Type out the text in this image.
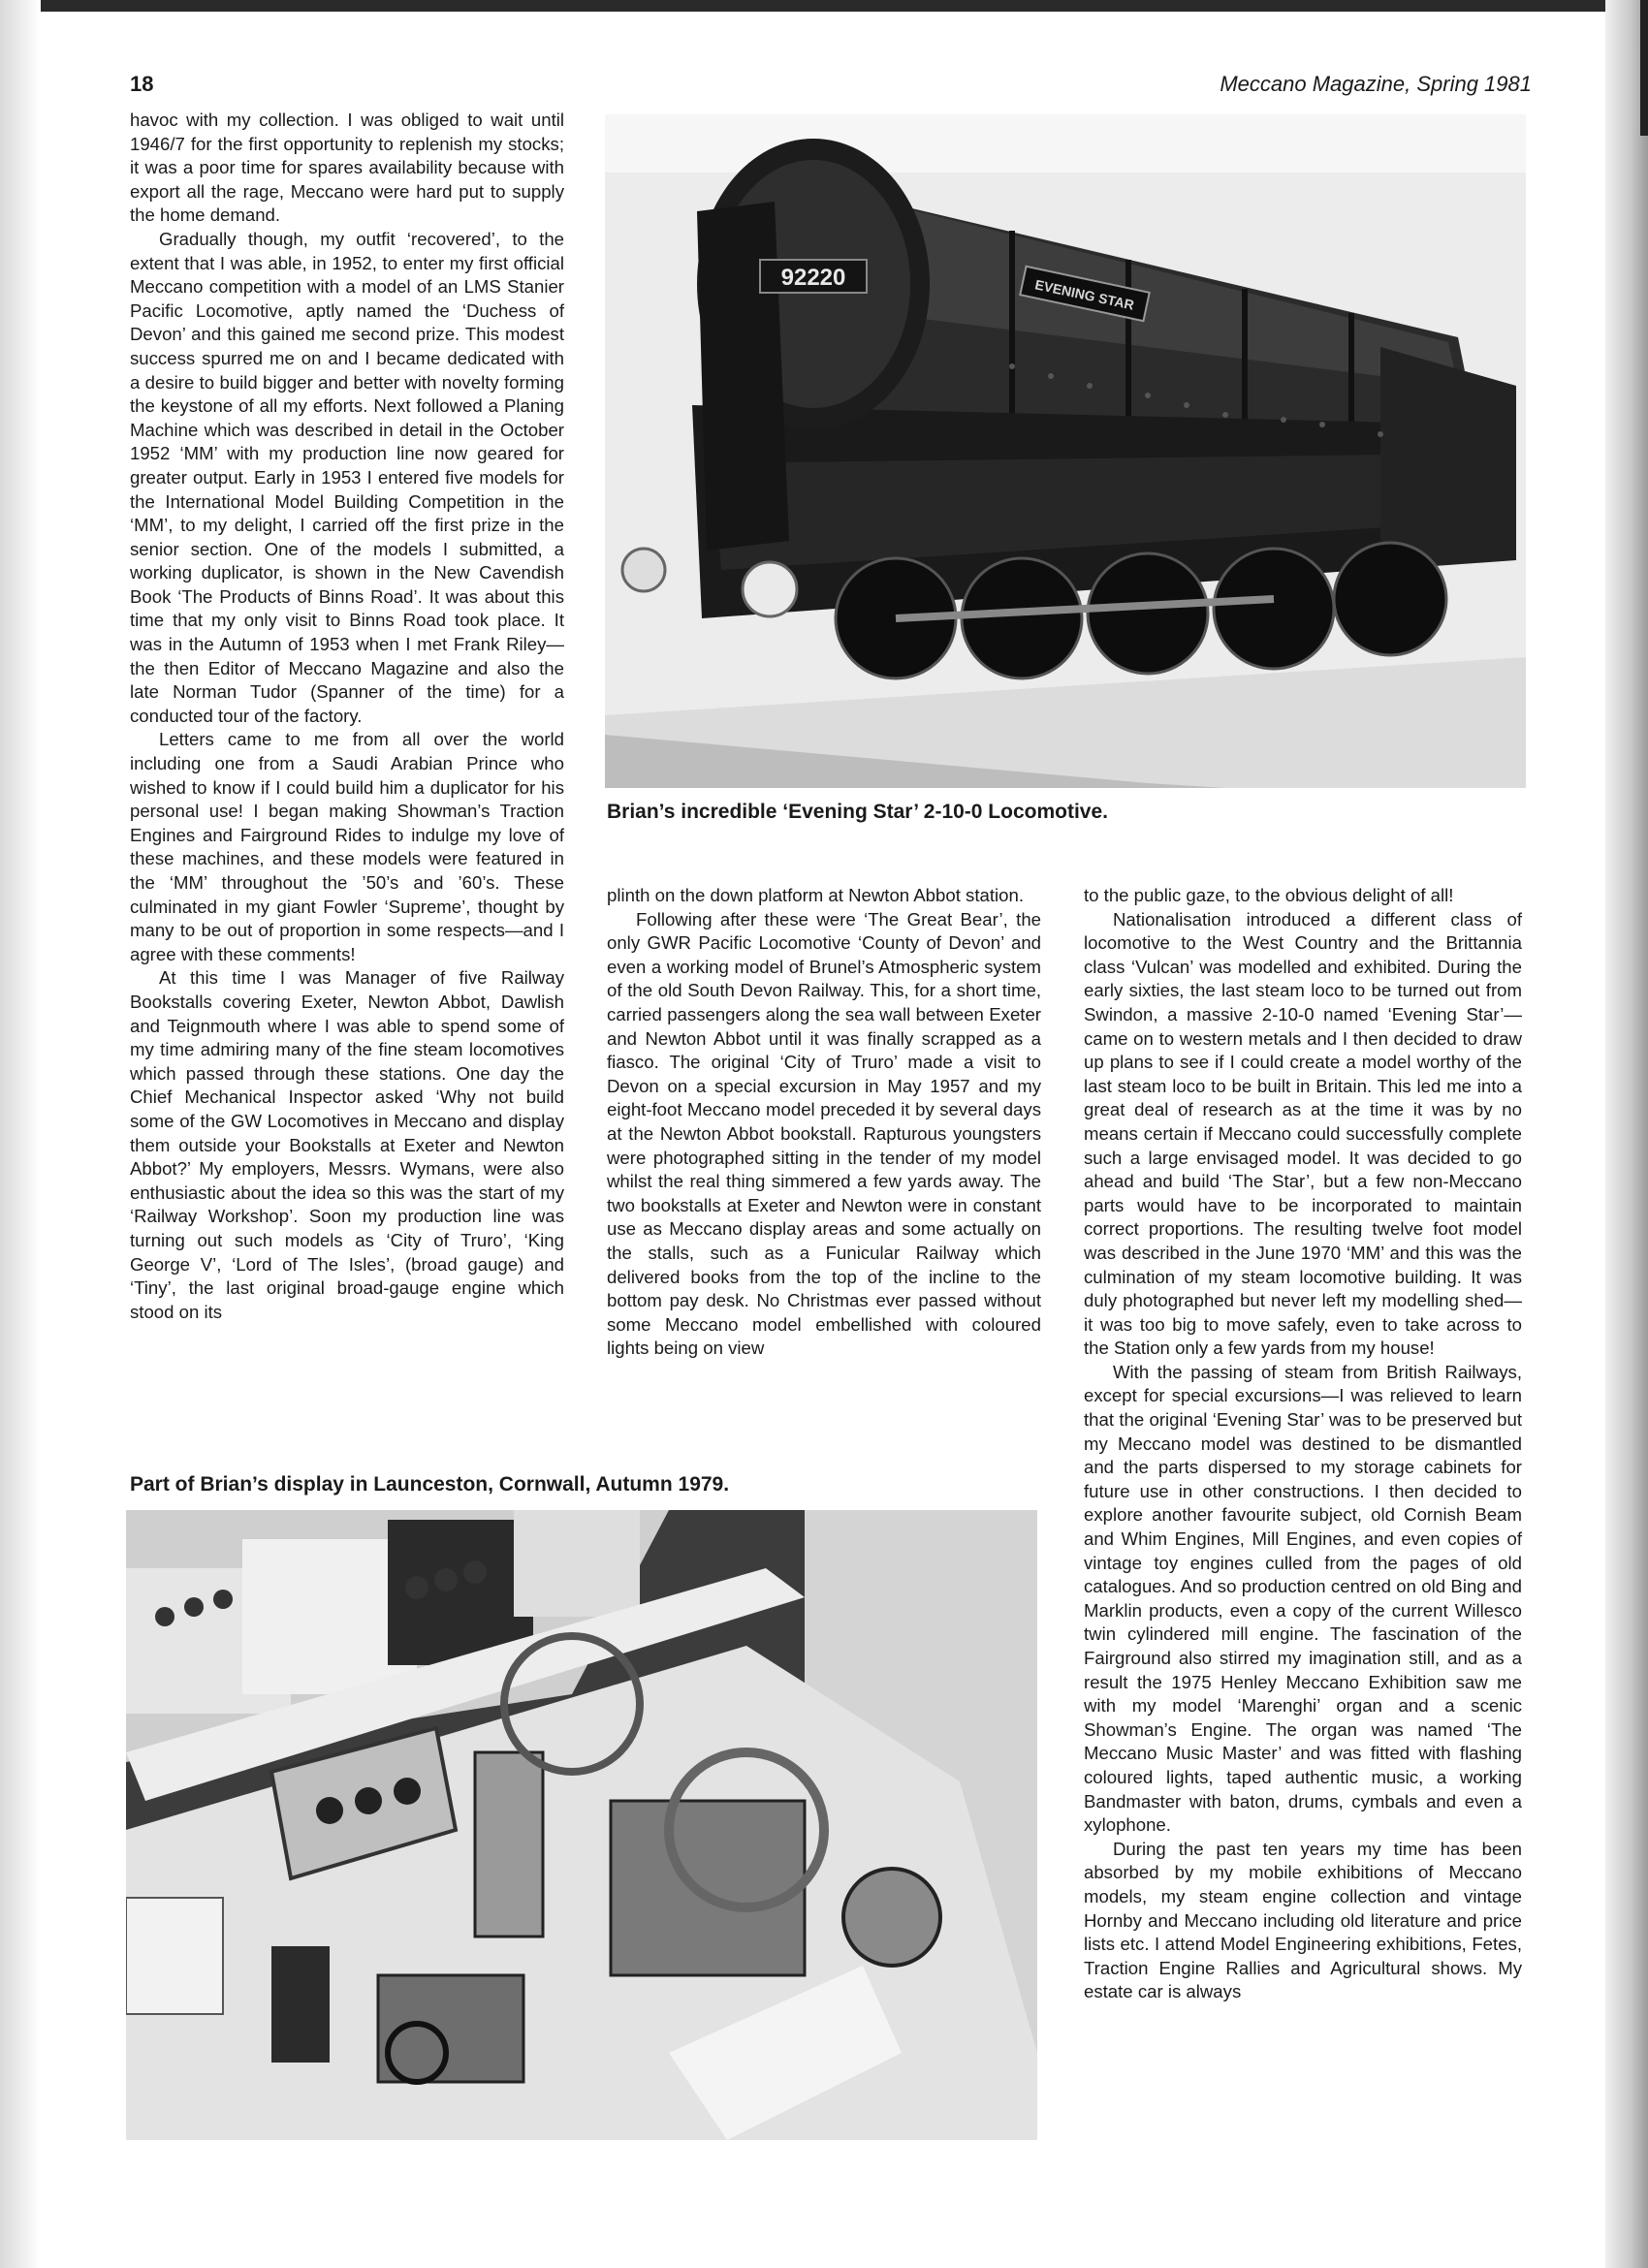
18	Meccano Magazine, Spring 1981

havoc with my collection. I was obliged to wait until 1946/7 for the first opportunity to replenish my stocks; it was a poor time for spares availability because with export all the rage, Meccano were hard put to supply the home demand.

Gradually though, my outfit ‘recovered’, to the extent that I was able, in 1952, to enter my first official Meccano competition with a model of an LMS Stanier Pacific Locomotive, aptly named the ‘Duchess of Devon’ and this gained me second prize. This modest success spurred me on and I became dedicated with a desire to build bigger and better with novelty forming the keystone of all my efforts. Next followed a Planing Machine which was described in detail in the October 1952 ‘MM’ with my production line now geared for greater output. Early in 1953 I entered five models for the International Model Building Competition in the ‘MM’, to my delight, I carried off the first prize in the senior section. One of the models I submitted, a working duplicator, is shown in the New Cavendish Book ‘The Products of Binns Road’. It was about this time that my only visit to Binns Road took place. It was in the Autumn of 1953 when I met Frank Riley—the then Editor of Meccano Magazine and also the late Norman Tudor (Spanner of the time) for a conducted tour of the factory.

Letters came to me from all over the world including one from a Saudi Arabian Prince who wished to know if I could build him a duplicator for his personal use! I began making Showman’s Traction Engines and Fairground Rides to indulge my love of these machines, and these models were featured in the ‘MM’ throughout the ’50’s and ’60’s. These culminated in my giant Fowler ‘Supreme’, thought by many to be out of proportion in some respects—and I agree with these comments!

At this time I was Manager of five Railway Bookstalls covering Exeter, Newton Abbot, Dawlish and Teignmouth where I was able to spend some of my time admiring many of the fine steam locomotives which passed through these stations. One day the Chief Mechanical Inspector asked ‘Why not build some of the GW Locomotives in Meccano and display them outside your Bookstalls at Exeter and Newton Abbot?’ My employers, Messrs. Wymans, were also enthusiastic about the idea so this was the start of my ‘Railway Workshop’. Soon my production line was turning out such models as ‘City of Truro’, ‘King George V’, ‘Lord of The Isles’, (broad gauge) and ‘Tiny’, the last original broad-gauge engine which stood on its

92220	EVENING STAR
Brian’s incredible ‘Evening Star’ 2-10-0 Locomotive.

plinth on the down platform at Newton Abbot station.

Following after these were ‘The Great Bear’, the only GWR Pacific Locomotive ‘County of Devon’ and even a working model of Brunel’s Atmospheric system of the old South Devon Railway. This, for a short time, carried passengers along the sea wall between Exeter and Newton Abbot until it was finally scrapped as a fiasco. The original ‘City of Truro’ made a visit to Devon on a special excursion in May 1957 and my eight-foot Meccano model preceded it by several days at the Newton Abbot bookstall. Rapturous youngsters were photographed sitting in the tender of my model whilst the real thing simmered a few yards away. The two bookstalls at Exeter and Newton were in constant use as Meccano display areas and some actually on the stalls, such as a Funicular Railway which delivered books from the top of the incline to the bottom pay desk. No Christmas ever passed without some Meccano model embellished with coloured lights being on view

to the public gaze, to the obvious delight of all!

Nationalisation introduced a different class of locomotive to the West Country and the Brittannia class ‘Vulcan’ was modelled and exhibited. During the early sixties, the last steam loco to be turned out from Swindon, a massive 2-10-0 named ‘Evening Star’—came on to western metals and I then decided to draw up plans to see if I could create a model worthy of the last steam loco to be built in Britain. This led me into a great deal of research as at the time it was by no means certain if Meccano could successfully complete such a large envisaged model. It was decided to go ahead and build ‘The Star’, but a few non-Meccano parts would have to be incorporated to maintain correct proportions. The resulting twelve foot model was described in the June 1970 ‘MM’ and this was the culmination of my steam locomotive building. It was duly photographed but never left my modelling shed—it was too big to move safely, even to take across to the Station only a few yards from my house!

With the passing of steam from British Railways, except for special excursions—I was relieved to learn that the original ‘Evening Star’ was to be preserved but my Meccano model was destined to be dismantled and the parts dispersed to my storage cabinets for future use in other constructions. I then decided to explore another favourite subject, old Cornish Beam and Whim Engines, Mill Engines, and even copies of vintage toy engines culled from the pages of old catalogues. And so production centred on old Bing and Marklin products, even a copy of the current Willesco twin cylindered mill engine. The fascination of the Fairground also stirred my imagination still, and as a result the 1975 Henley Meccano Exhibition saw me with my model ‘Marenghi’ organ and a scenic Showman’s Engine. The organ was named ‘The Meccano Music Master’ and was fitted with flashing coloured lights, taped authentic music, a working Bandmaster with baton, drums, cymbals and even a xylophone.

During the past ten years my time has been absorbed by my mobile exhibitions of Meccano models, my steam engine collection and vintage Hornby and Meccano including old literature and price lists etc. I attend Model Engineering exhibitions, Fetes, Traction Engine Rallies and Agricultural shows. My estate car is always

Part of Brian’s display in Launceston, Cornwall, Autumn 1979.
